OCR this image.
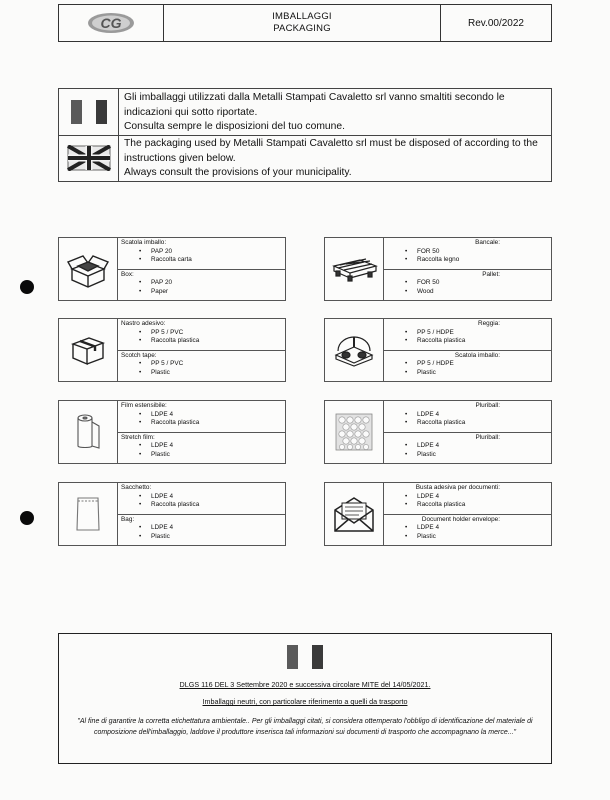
CG	IMBALLAGGI
PACKAGING	Rev.00/2022
Gli imballaggi utilizzati dalla Metalli Stampati Cavaletto srl vanno smaltiti secondo le indicazioni qui sotto riportate.
Consulta sempre le disposizioni del tuo comune.
The packaging used by Metalli Stampati Cavaletto srl must be disposed of according to the instructions given below.
Always consult the provisions of your municipality.
Scatola imballo:
• PAP 20
• Raccolta carta
Box:
• PAP 20
• Paper
Bancale:
• FOR 50
• Raccolta legno
Pallet:
• FOR 50
• Wood
Nastro adesivo:
• PP 5 / PVC
• Raccolta plastica
Scotch tape:
• PP 5 / PVC
• Plastic
Reggia:
• PP 5 / HDPE
• Raccolta plastica
Scatola imballo:
• PP 5 / HDPE
• Plastic
Film estensibile:
• LDPE 4
• Raccolta plastica
Stretch film:
• LDPE 4
• Plastic
Pluriball:
• LDPE 4
• Raccolta plastica
Pluriball:
• LDPE 4
• Plastic
Sacchetto:
• LDPE 4
• Raccolta plastica
Bag:
• LDPE 4
• Plastic
Busta adesiva per documenti:
• LDPE 4
• Raccolta plastica
Document holder envelope:
• LDPE 4
• Plastic
DLGS 116 DEL 3 Settembre 2020 e successiva circolare MITE del 14/05/2021.
Imballaggi neutri, con particolare riferimento a quelli da trasporto
"Al fine di garantire la corretta etichettatura ambientale.. Per gli imballaggi citati, si considera ottemperato l'obbligo di identificazione del materiale di composizione dell'imballaggio, laddove il produttore inserisca tali informazioni sui documenti di trasporto che accompagnano la merce..."
